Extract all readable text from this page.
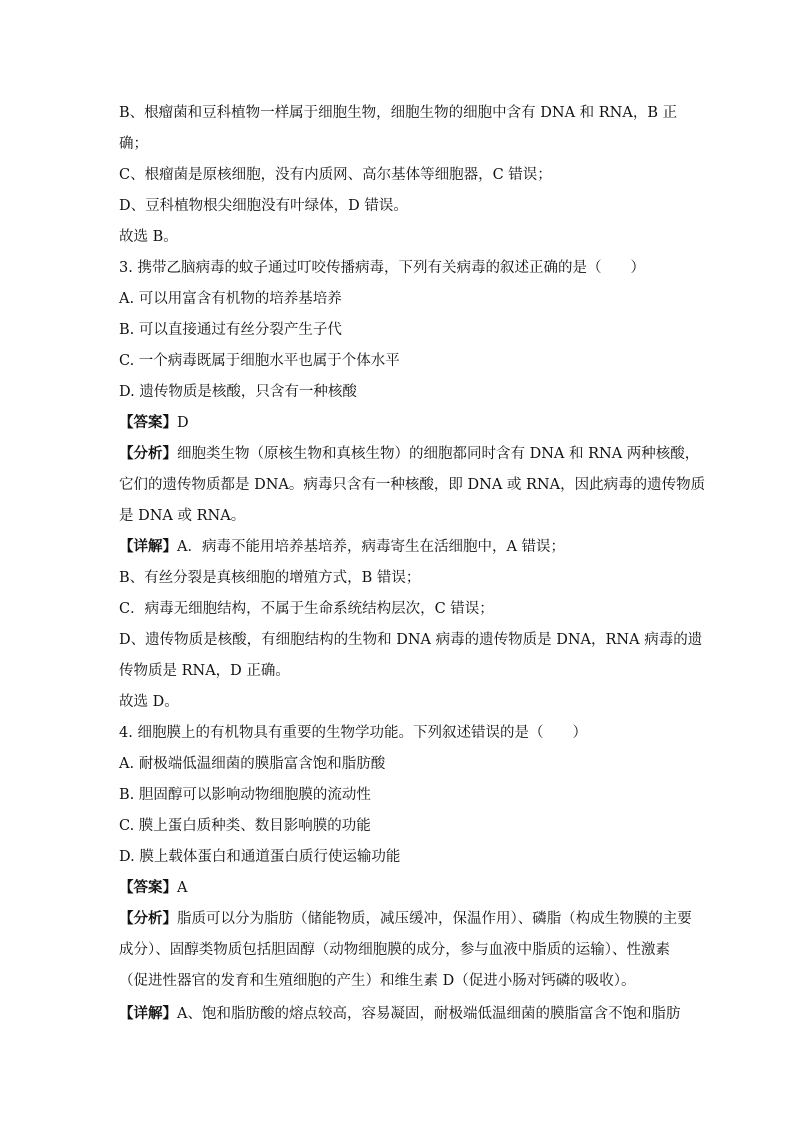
B、根瘤菌和豆科植物一样属于细胞生物，细胞生物的细胞中含有 DNA 和 RNA，B 正
确；
C、根瘤菌是原核细胞，没有内质网、高尔基体等细胞器，C 错误；
D、豆科植物根尖细胞没有叶绿体，D 错误。
故选 B。
3. 携带乙脑病毒的蚊子通过叮咬传播病毒，下列有关病毒的叙述正确的是（　　）
A. 可以用富含有机物的培养基培养
B. 可以直接通过有丝分裂产生子代
C. 一个病毒既属于细胞水平也属于个体水平
D. 遗传物质是核酸，只含有一种核酸
【答案】D
【分析】细胞类生物（原核生物和真核生物）的细胞都同时含有 DNA 和 RNA 两种核酸，
它们的遗传物质都是 DNA。病毒只含有一种核酸，即 DNA 或 RNA，因此病毒的遗传物质
是 DNA 或 RNA。
【详解】A．病毒不能用培养基培养，病毒寄生在活细胞中，A 错误；
B、有丝分裂是真核细胞的增殖方式，B 错误；
C．病毒无细胞结构，不属于生命系统结构层次，C 错误；
D、遗传物质是核酸，有细胞结构的生物和 DNA 病毒的遗传物质是 DNA，RNA 病毒的遗
传物质是 RNA，D 正确。
故选 D。
4. 细胞膜上的有机物具有重要的生物学功能。下列叙述错误的是（　　）
A. 耐极端低温细菌的膜脂富含饱和脂肪酸
B. 胆固醇可以影响动物细胞膜的流动性
C. 膜上蛋白质种类、数目影响膜的功能
D. 膜上载体蛋白和通道蛋白质行使运输功能
【答案】A
【分析】脂质可以分为脂肪（储能物质，减压缓冲，保温作用）、磷脂（构成生物膜的主要
成分）、固醇类物质包括胆固醇（动物细胞膜的成分，参与血液中脂质的运输）、性激素
（促进性器官的发育和生殖细胞的产生）和维生素 D（促进小肠对钙磷的吸收）。
【详解】A、饱和脂肪酸的熔点较高，容易凝固，耐极端低温细菌的膜脂富含不饱和脂肪
